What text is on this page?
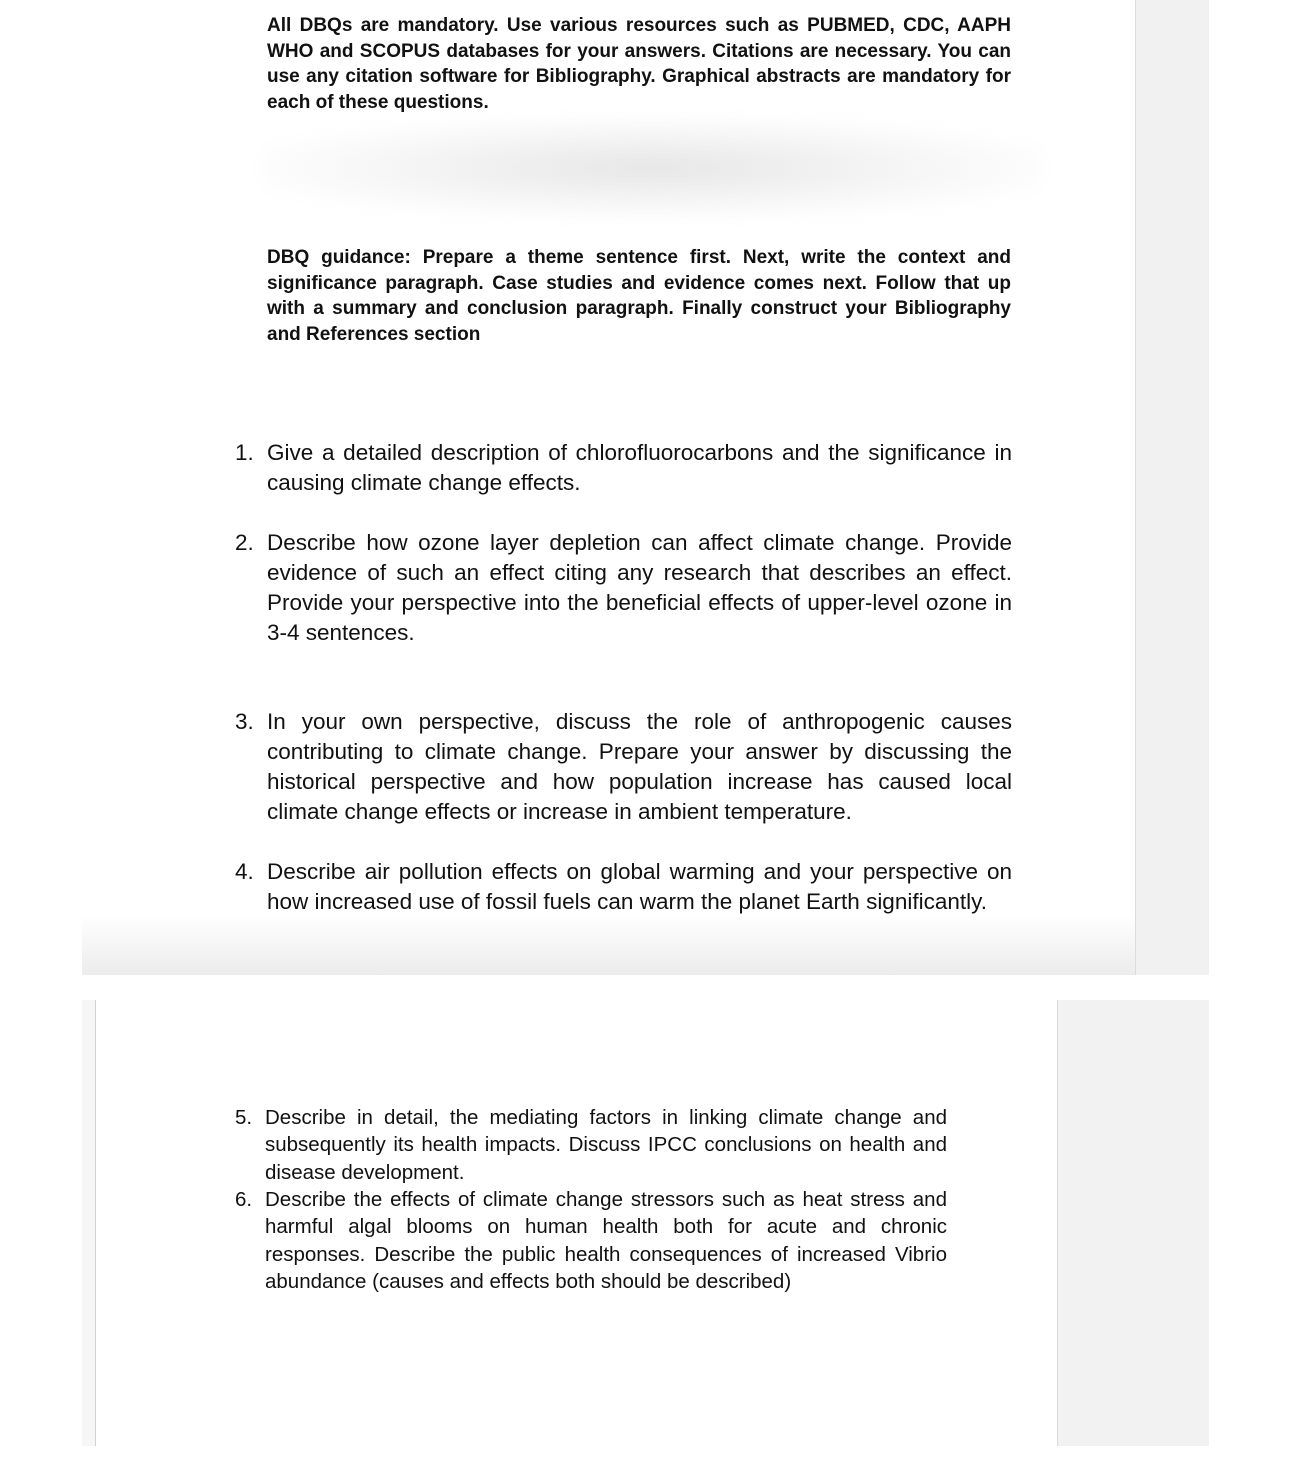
All DBQs are mandatory. Use various resources such as PUBMED, CDC, AAPH WHO and SCOPUS databases for your answers. Citations are necessary. You can use any citation software for Bibliography. Graphical abstracts are mandatory for each of these questions.

DBQ guidance: Prepare a theme sentence first. Next, write the context and significance paragraph. Case studies and evidence comes next. Follow that up with a summary and conclusion paragraph. Finally construct your Bibliography and References section

1. Give a detailed description of chlorofluorocarbons and the significance in causing climate change effects.
2. Describe how ozone layer depletion can affect climate change. Provide evidence of such an effect citing any research that describes an effect. Provide your perspective into the beneficial effects of upper-level ozone in 3-4 sentences.
3. In your own perspective, discuss the role of anthropogenic causes contributing to climate change. Prepare your answer by discussing the historical perspective and how population increase has caused local climate change effects or increase in ambient temperature.
4. Describe air pollution effects on global warming and your perspective on how increased use of fossil fuels can warm the planet Earth significantly.
5. Describe in detail, the mediating factors in linking climate change and subsequently its health impacts. Discuss IPCC conclusions on health and disease development.
6. Describe the effects of climate change stressors such as heat stress and harmful algal blooms on human health both for acute and chronic responses. Describe the public health consequences of increased Vibrio abundance (causes and effects both should be described)
